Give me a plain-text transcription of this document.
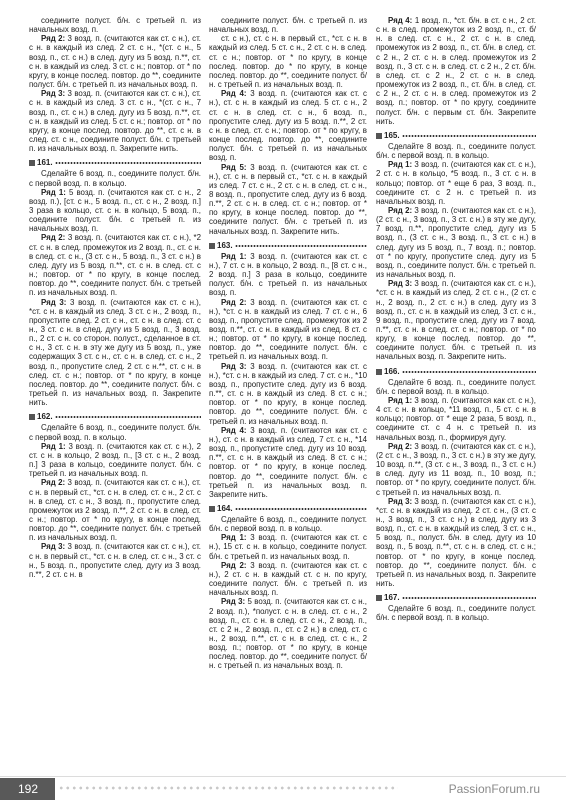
соедините полуст. б/н. с третьей п. из начальных возд. п.

Ряд 2: 3 возд. п. (считаются как ст. с н.), ст. с н. в каждый из след. 2 ст. с н., *(ст. с н., 5 возд. п., ст. с н.) в след. дугу из 5 возд. п.**, ст. с н. в каждый из след. 3 ст. с н.; повтор. от * по кругу, в конце послед. повтор. до **, соедините полуст. б/н. с третьей п. из начальных возд. п.

Ряд 3: 3 возд. п. (считаются как ст. с н.), ст. с н. в каждый из след. 3 ст. с н., *(ст. с н., 7 возд. п., ст. с н.) в след. дугу из 5 возд. п.**, ст. с н. в каждый из след. 5 ст. с н.; повтор. от * по кругу, в конце послед. повтор. до **, ст. с н. в след. ст. с н., соедините полуст. б/н. с третьей п. из начальных возд. п. Закрепите нить.

161.

Сделайте 6 возд. п., соедините полуст. б/н. с первой возд. п. в кольцо.

Ряд 1: 5 возд. п. (считаются как ст. с н., 2 возд. п.), [ст. с н., 5 возд. п., ст. с н., 2 возд. п.] 3 раза в кольцо, ст. с н. в кольцо, 5 возд. п., соедините полуст. б/н. с третьей п. из начальных возд. п.

Ряд 2: 3 возд. п. (считаются как ст. с н.), *2 ст. с н. в след. промежуток из 2 возд. п., ст. с н. в след. ст. с н., (3 ст. с н., 5 возд. п., 3 ст. с н.) в след. дугу из 5 возд. п.**, ст. с н. в след. ст. с н.; повтор. от * по кругу, в конце послед. повтор. до **, соедините полуст. б/н. с третьей п. из начальных возд. п.

Ряд 3: 3 возд. п. (считаются как ст. с н.), *ст. с н. в каждый из след. 3 ст. с н., 2 возд. п., пропустите след. 2 ст. с н., ст. с н. в след. ст. с н., 3 ст. с н. в след. дугу из 5 возд. п., 3 возд. п., 2 ст. с н. со сторон. полуст., сделанное в ст. с н., 3 ст. с н. в эту же дугу из 5 возд. п., уже содержащих 3 ст. с н., ст. с н. в след. ст. с н., 2 возд. п., пропустите след. 2 ст. с н.**, ст. с н. в след. ст. с н.; повтор. от * по кругу, в конце послед. повтор. до **, соедините полуст. б/н. с третьей п. из начальных возд. п. Закрепите нить.

162.

Сделайте 6 возд. п., соедините полуст. б/н. с первой возд. п. в кольцо.

Ряд 1: 3 возд. п. (считаются как ст. с н.), 2 ст. с н. в кольцо, 2 возд. п., [3 ст. с н., 2 возд. п.] 3 раза в кольцо, соедините полуст. б/н. с третьей п. из начальных возд. п.

Ряд 2: 3 возд. п. (считаются как ст. с н.), ст. с н. в первый ст., *ст. с н. в след. ст. с н., 2 ст. с н. в след. ст. с н., 3 возд. п., пропустите след. промежуток из 2 возд. п.**, 2 ст. с н. в след. ст. с н.; повтор. от * по кругу, в конце послед. повтор. до **, соедините полуст. б/н. с третьей п. из начальных возд. п.

Ряд 3: 3 возд. п. (считаются как ст. с н.), ст. с н. в первый ст., *ст. с н. в след. ст. с н., 3 ст. с н., 5 возд. п., пропустите след. дугу из 3 возд. п.**, 2 ст. с н. в

соедините полуст. б/н. с третьей п. из начальных возд. п.

ст. с н.), ст. с н. в первый ст., *ст. с н. в каждый из след. 5 ст. с н., 2 ст. с н. в след. ст. с н.; повтор. от * по кругу, в конце послед. повтор. до * по кругу, в конце послед. повтор. до **, соедините полуст. б/н. с третьей п. из начальных возд. п.

Ряд 4: 3 возд. п. (считаются как ст. с н.), ст. с н. в каждый из след. 5 ст. с н., 2 ст. с н. в след. ст. с н., 6 возд. п., пропустите след. дугу из 5 возд. п.**, 2 ст. с н. в след. ст. с н.; повтор. от * по кругу, в конце послед. повтор. до **, соедините полуст. б/н. с третьей п. из начальных возд. п.

Ряд 5: 3 возд. п. (считаются как ст. с н.), ст. с н. в первый ст., *ст. с н. в каждый из след. 7 ст. с н., 2 ст. с н. в след. ст. с н., 8 возд. п., пропустите след. дугу из 6 возд. п.**, 2 ст. с н. в след. ст. с н.; повтор. от * по кругу, в конце послед. повтор. до **, соедините полуст. б/н. с третьей п. из начальных возд. п. Закрепите нить.

163.

Ряд 1: 3 возд. п. (считаются как ст. с н.), 7 ст. с н. в кольцо, 2 возд. п., [8 ст. с н., 2 возд. п.] 3 раза в кольцо, соедините полуст. б/н. с третьей п. из начальных возд. п.

Ряд 2: 3 возд. п. (считаются как ст. с н.), *ст. с н. в каждый из след. 7 ст. с н., 6 возд. п., пропустите след. промежуток из 2 возд. п.**, ст. с н. в каждый из след. 8 ст. с н.; повтор. от * по кругу, в конце послед. повтор. до **, соедините полуст. б/н. с третьей п. из начальных возд. п.

Ряд 3: 3 возд. п. (считаются как ст. с н.), *ст. с н. в каждый из след. 7 ст. с н., *10 возд. п., пропустите след. дугу из 6 возд. п.**, ст. с н. в каждый из след. 8 ст. с н.; повтор. от * по кругу, в конце послед. повтор. до **, соедините полуст. б/н. с третьей п. из начальных возд. п.

Ряд 4: 3 возд. п. (считаются как ст. с н.), ст. с н. в каждый из след. 7 ст. с н., *14 возд. п., пропустите след. дугу из 10 возд. п.**, ст. с н. в каждый из след. 8 ст. с н.; повтор. от * по кругу, в конце послед. повтор. до **, соедините полуст. б/н. с третьей п. из начальных возд. п. Закрепите нить.

164.

Сделайте 6 возд. п., соедините полуст. б/н. с первой возд. п. в кольцо.

Ряд 1: 3 возд. п. (считаются как ст. с н.), 15 ст. с н. в кольцо, соедините полуст. б/н. с третьей п. из начальных возд. п.

Ряд 2: 3 возд. п. (считаются как ст. с н.), 2 ст. с н. в каждый ст. с н. по кругу, соедините полуст. б/н. с третьей п. из начальных возд. п.

Ряд 3: 5 возд. п. (считаются как ст. с н., 2 возд. п.), *полуст. с н. в след. ст. с н., 2 возд. п., ст. с н. в след. ст. с н., 2 возд. п., ст. с 2 н., 2 возд. п., ст. с 2 н.) в след. ст. с н., 2 возд. п.**, ст. с н. в след. ст. с н., 2 возд. п.; повтор. от * по кругу, в конце послед. повтор. до **, соедините полуст. б/н. с третьей п. из начальных возд. п.

Ряд 4: 1 возд. п., *ст. б/н. в ст. с н., 2 ст. с н. в след. промежуток из 2 возд. п., ст. б/н. в след. ст. с н., 2 ст. с н. в след. промежуток из 2 возд. п., ст. б/н. в след. ст. с 2 н., 2 ст. с н. в след. промежуток из 2 возд. п., 3 ст. с н. в след. ст. с 2 н., 2 ст. б/н. в след. ст. с 2 н., 2 ст. с н. в след. промежуток из 2 возд. п., ст. б/н. в след. ст. с 2 н., 2 ст. с н. в след. промежуток из 2 возд. п.; повтор. от * по кругу, соедините полуст. б/н. с первым ст. б/н. Закрепите нить.

165.

Сделайте 8 возд. п., соедините полуст. б/н. с первой возд. п. в кольцо.

Ряд 1: 3 возд. п. (считаются как ст. с н.), 2 ст. с н. в кольцо, *5 возд. п., 3 ст. с н. в кольцо; повтор. от * еще 6 раз, 3 возд. п., соедините ст. с 2 н. с третьей п. из начальных возд. п.

Ряд 2: 3 возд. п. (считаются как ст. с н.), (2 ст. с н., 3 возд. п., 3 ст. с н.) в эту же дугу, 7 возд. п.**, пропустите след. дугу из 5 возд. п., (3 ст. с н., 3 возд. п., 3 ст. с н.) в след. дугу из 5 возд. п., 7 возд. п.; повтор. от * по кругу, пропустите след. дугу из 5 возд. п., соедините полуст. б/н. с третьей п. из начальных возд. п.

Ряд 3: 3 возд. п. (считаются как ст. с н.), *ст. с н. в каждый из след. 2 ст. с н., (2 ст. с н., 2 возд. п., 2 ст. с н.) в след. дугу из 3 возд. п., ст. с н. в каждый из след. 3 ст. с н., 9 возд. п., пропустите след. дугу из 7 возд. п.**, ст. с н. в след. ст. с н.; повтор. от * по кругу, в конце послед. повтор. до **, соедините полуст. б/н. с третьей п. из начальных возд. п. Закрепите нить.

166.

Сделайте 6 возд. п., соедините полуст. б/н. с первой возд. п. в кольцо.

Ряд 1: 3 возд. п. (считаются как ст. с н.), 4 ст. с н. в кольцо, *11 возд. п., 5 ст. с н. в кольцо; повтор. от * еще 2 раза, 5 возд. п., соедините ст. с 4 н. с третьей п. из начальных возд. п., формируя дугу.

Ряд 2: 3 возд. п. (считаются как ст. с н.), (2 ст. с н., 3 возд. п., 3 ст. с н.) в эту же дугу, 10 возд. п.**, (3 ст. с н., 3 возд. п., 3 ст. с н.) в след. дугу из 11 возд. п., 10 возд. п.; повтор. от * по кругу, соедините полуст. б/н. с третьей п. из начальных возд. п.

Ряд 3: 3 возд. п. (считаются как ст. с н.), *ст. с н. в каждый из след. 2 ст. с н., (3 ст. с н., 3 возд. п., 3 ст. с н.) в след. дугу из 3 возд. п., ст. с н. в каждый из след. 3 ст. с н., 5 возд. п., полуст. б/н. в след. дугу из 10 возд. п., 5 возд. п.**, ст. с н. в след. ст. с н.; повтор. от * по кругу, в конце послед. повтор. до **, соедините полуст. б/н. с третьей п. из начальных возд. п. Закрепите нить.

167.

Сделайте 6 возд. п., соедините полуст. б/н. с первой возд. п. в кольцо.

192	PassionForum.ru
